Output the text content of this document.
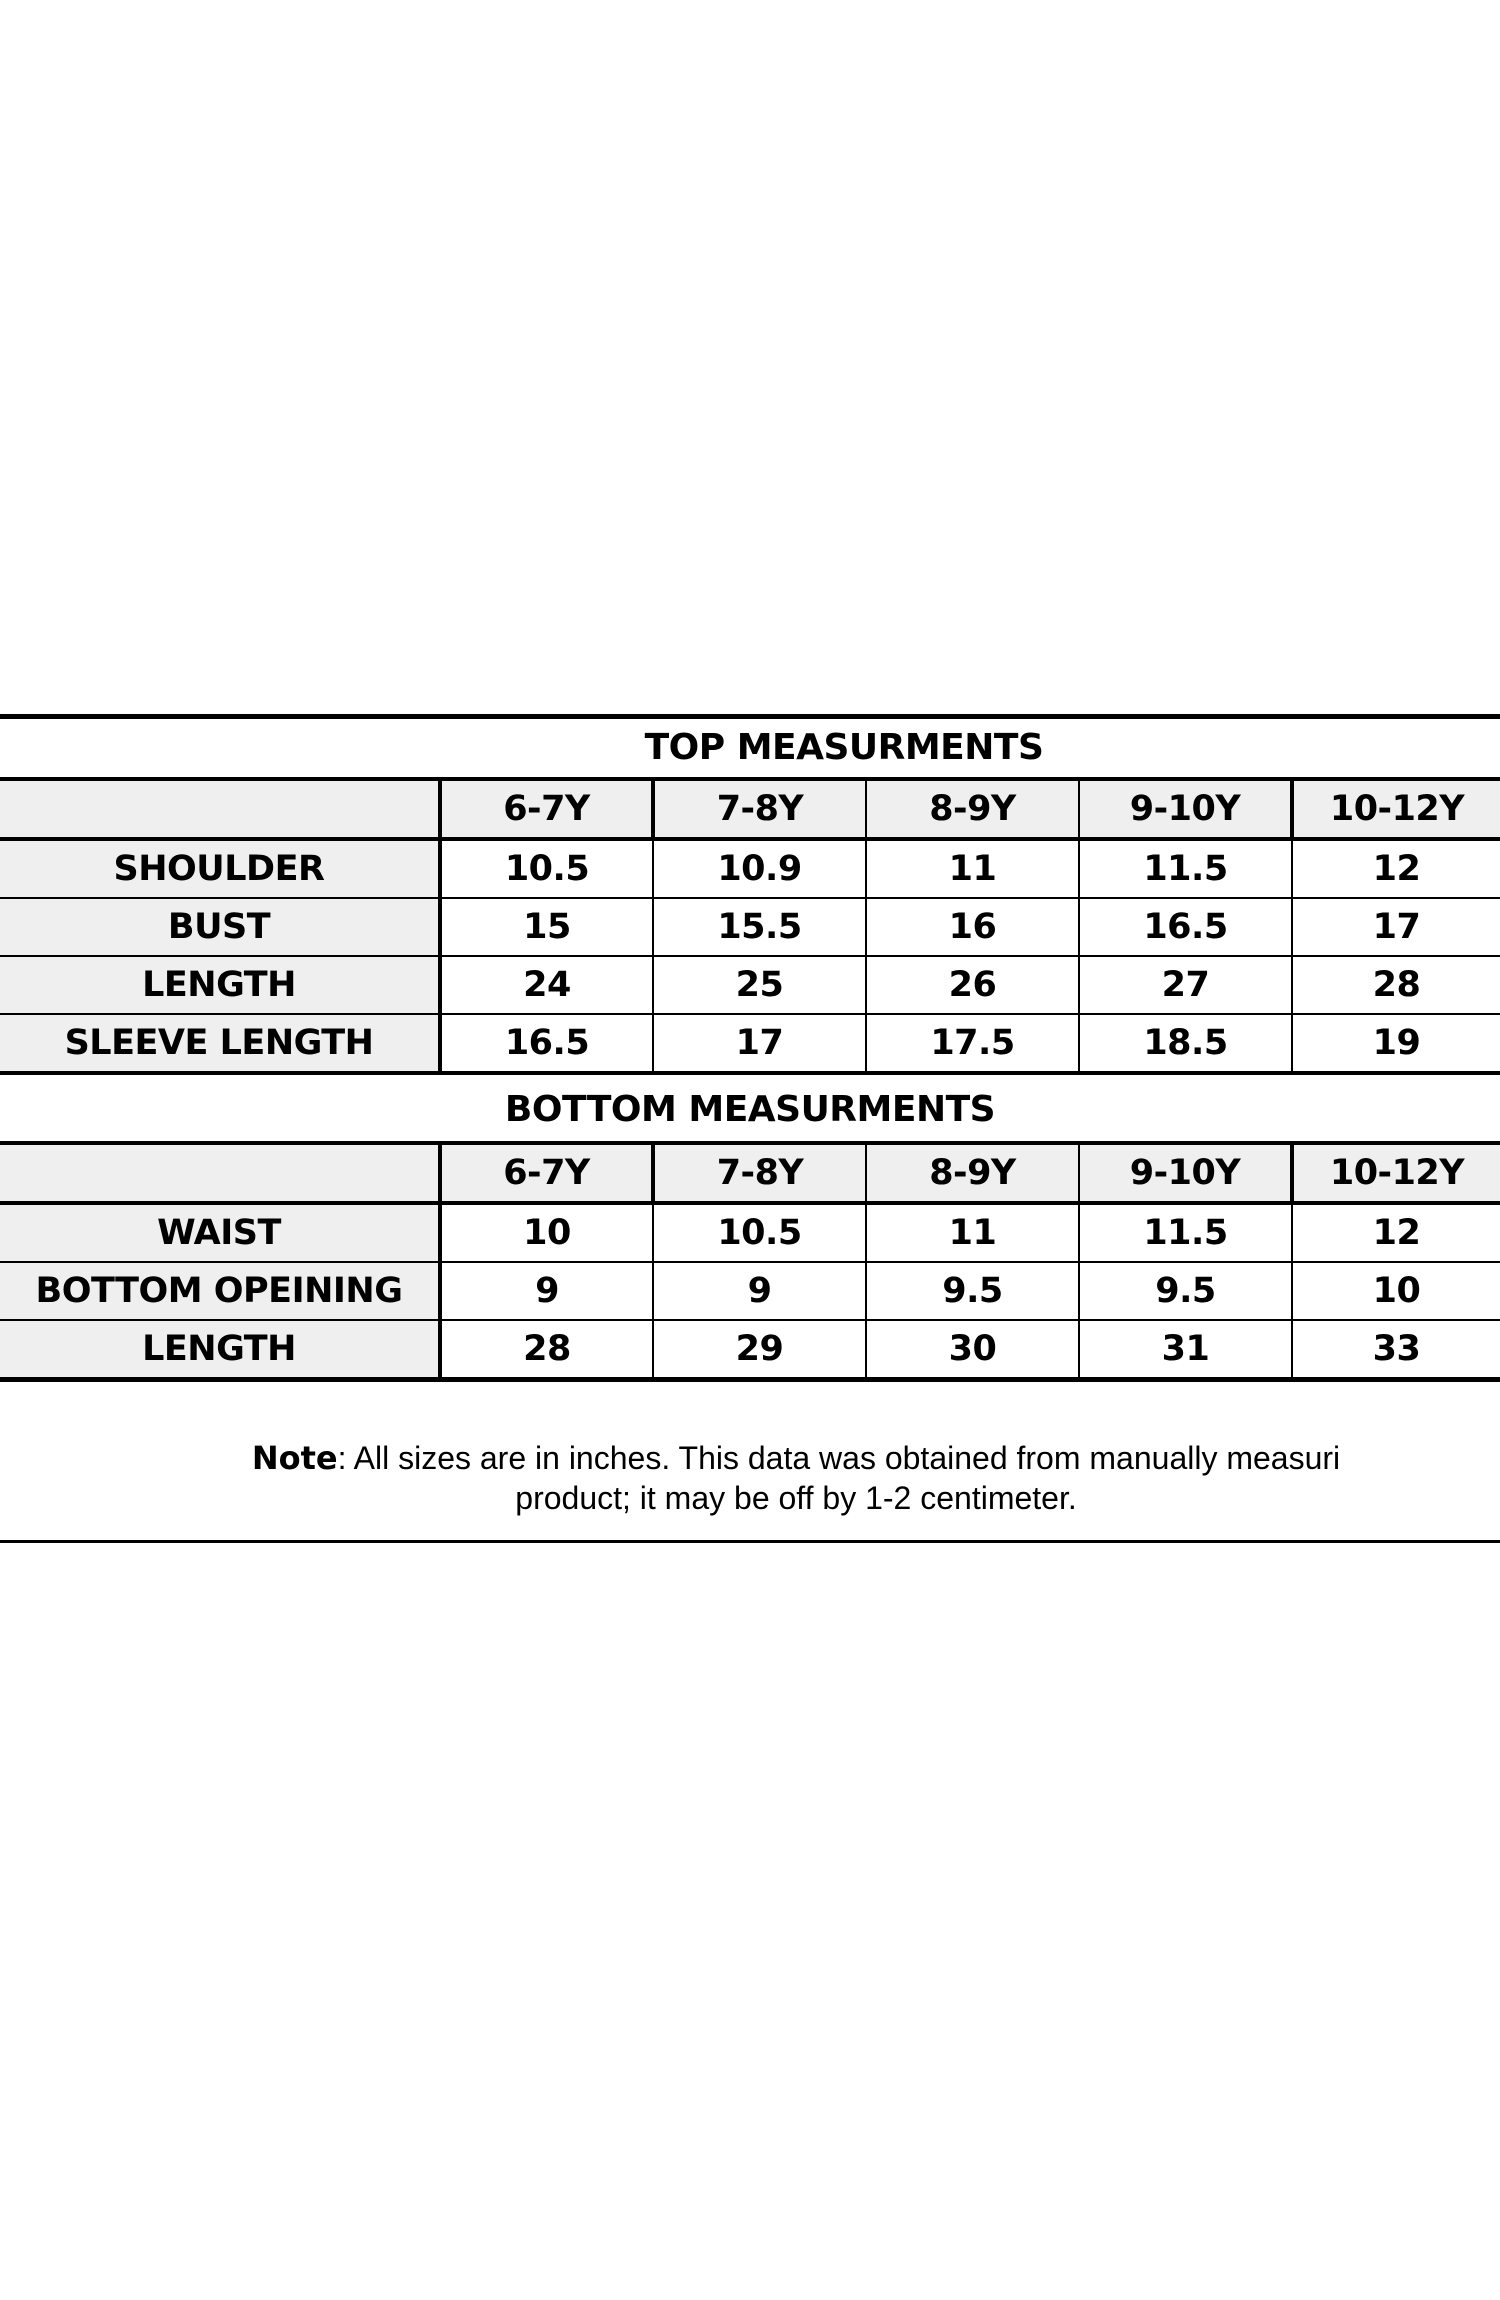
TOP MEASURMENTS
	6-7Y	7-8Y	8-9Y	9-10Y	10-12Y
SHOULDER	10.5	10.9	11	11.5	12
BUST	15	15.5	16	16.5	17
LENGTH	24	25	26	27	28
SLEEVE LENGTH	16.5	17	17.5	18.5	19
BOTTOM MEASURMENTS
	6-7Y	7-8Y	8-9Y	9-10Y	10-12Y
WAIST	10	10.5	11	11.5	12
BOTTOM OPEINING	9	9	9.5	9.5	10
LENGTH	28	29	30	31	33
Note: All sizes are in inches. This data was obtained from manually measuri
product; it may be off by 1-2 centimeter.
